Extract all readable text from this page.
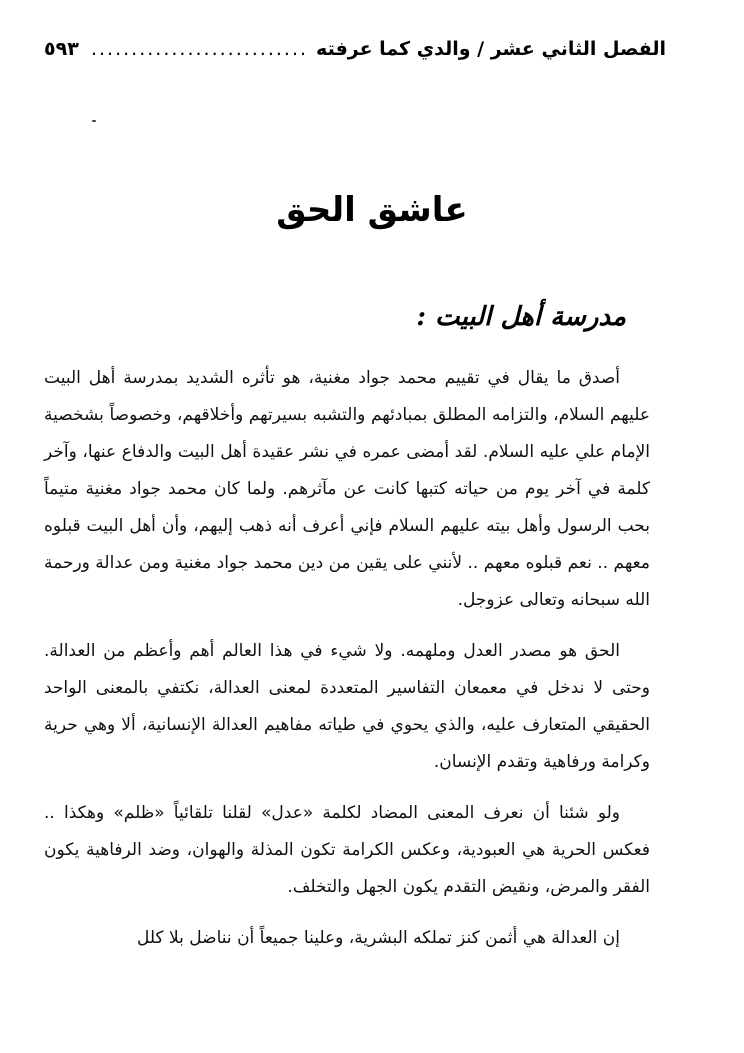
الفصل الثاني عشر / والدي كما عرفته
.....
٥٩٣
عاشق الحق
مدرسة أهل البيت :

أصدق ما يقال في تقييم محمد جواد مغنية، هو تأثره الشديد بمدرسة أهل البيت عليهم السلام، والتزامه المطلق بمبادئهم والتشبه بسيرتهم وأخلاقهم، وخصوصاً بشخصية الإمام علي عليه السلام. لقد أمضى عمره في نشر عقيدة أهل البيت والدفاع عنها، وآخر كلمة في آخر يوم من حياته كتبها كانت عن مآثرهم. ولما كان محمد جواد مغنية متيماً بحب الرسول وأهل بيته عليهم السلام فإني أعرف أنه ذهب إليهم، وأن أهل البيت قبلوه معهم .. نعم قبلوه معهم .. لأنني على يقين من دين محمد جواد مغنية ومن عدالة ورحمة الله سبحانه وتعالى عزوجل.

الحق هو مصدر العدل وملهمه. ولا شيء في هذا العالم أهم وأعظم من العدالة. وحتى لا ندخل في معمعان التفاسير المتعددة لمعنى العدالة، نكتفي بالمعنى الواحد الحقيقي المتعارف عليه، والذي يحوي في طياته مفاهيم العدالة الإنسانية، ألا وهي حرية وكرامة ورفاهية وتقدم الإنسان.

ولو شئنا أن نعرف المعنى المضاد لكلمة «عدل» لقلنا تلقائياً «ظلم» وهكذا .. فعكس الحرية هي العبودية، وعكس الكرامة تكون المذلة والهوان، وضد الرفاهية يكون الفقر والمرض، ونقيض التقدم يكون الجهل والتخلف.

إن العدالة هي أثمن كنز تملكه البشرية، وعلينا جميعاً أن نناضل بلا كلل
